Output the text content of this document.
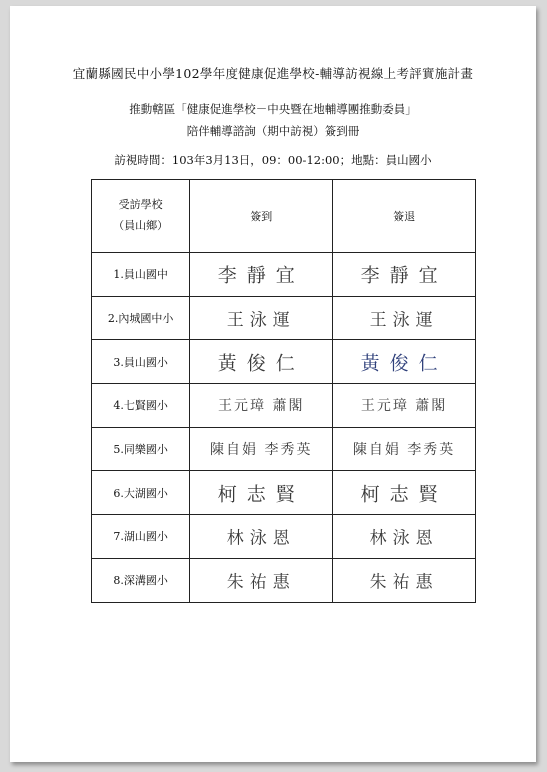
宜蘭縣國民中小學102學年度健康促進學校-輔導訪視線上考評實施計畫
推動轄區「健康促進學校－中央暨在地輔導團推動委員」
陪伴輔導諮詢（期中訪視）簽到冊
訪視時間：103年3月13日，09：00-12:00；地點：員山國小
受訪學校
（員山鄉）	簽到	簽退
1.員山國中	李靜宜	李靜宜

2.內城國中小	王泳運	王泳運

3.員山國小	黃俊仁	黃俊仁

4.七賢國小	王元璋 蕭閣	王元璋 蕭閣

5.同樂國小	陳自娟 李秀英	陳自娟 李秀英

6.大湖國小	柯志賢	柯志賢

7.湖山國小	林泳恩	林泳恩

8.深溝國小	朱祐惠	朱祐惠
